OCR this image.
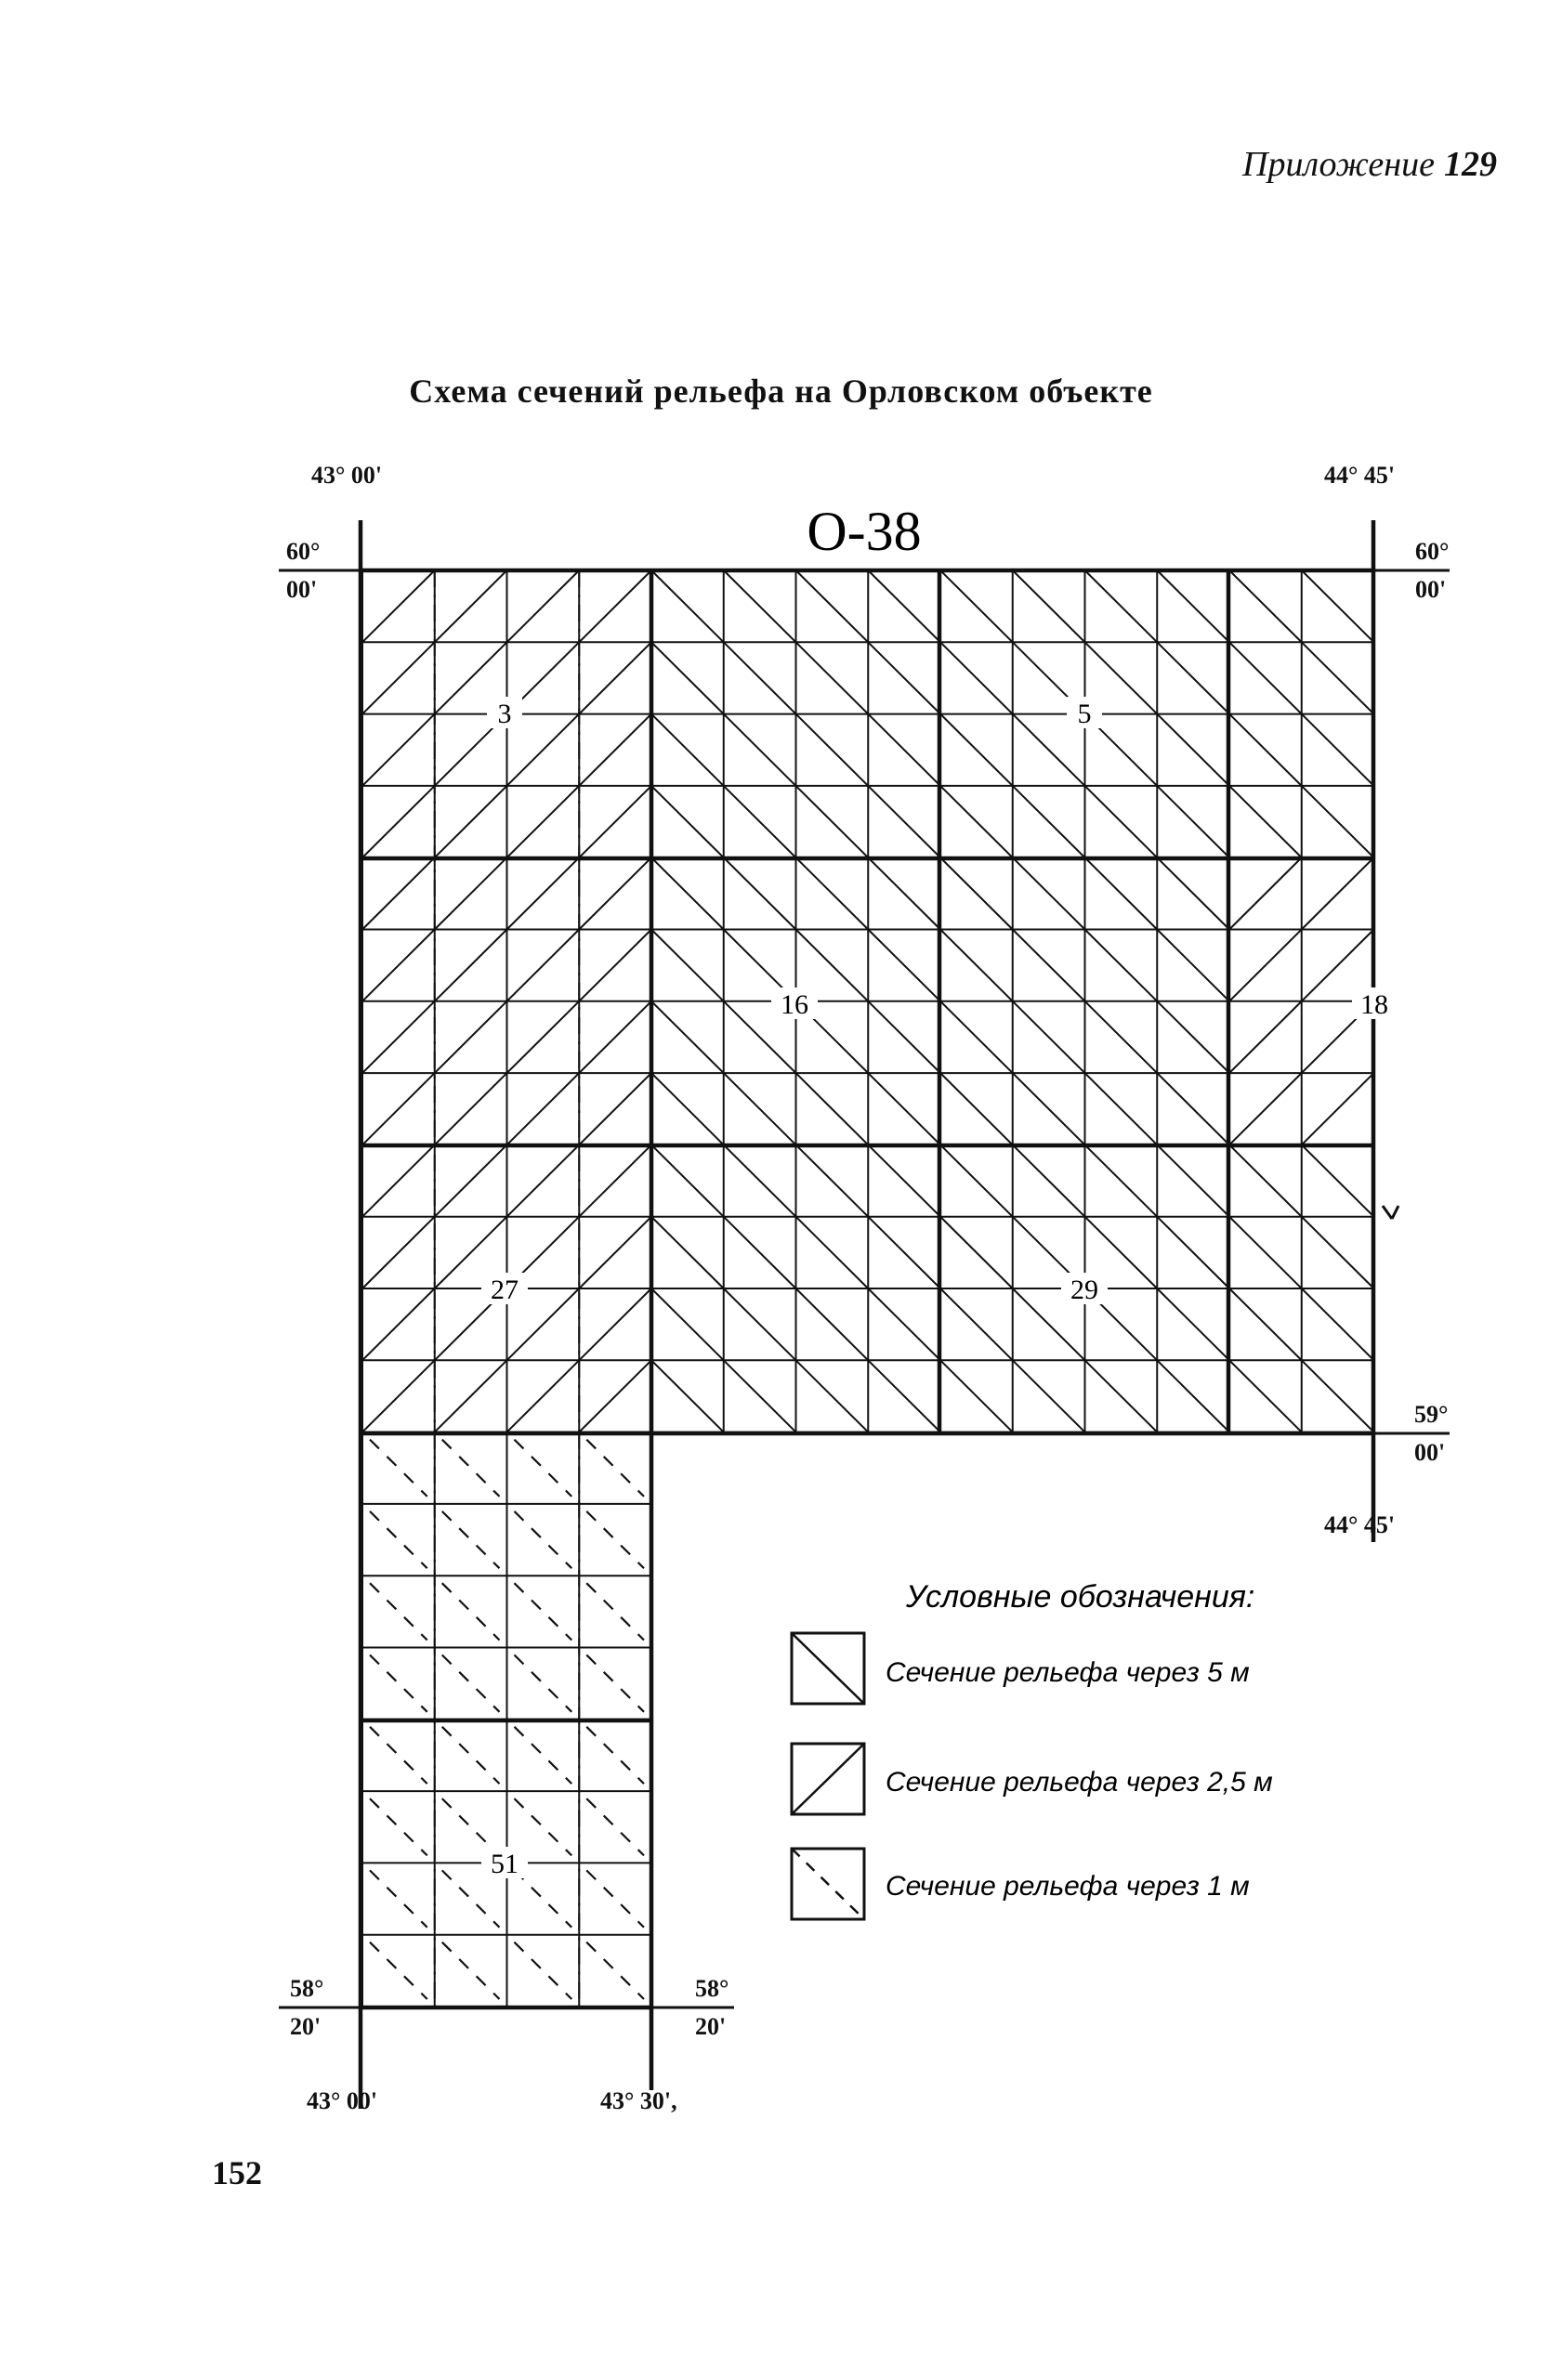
Приложение 129
Схема сечений рельефа на Орловском объекте
O-38
43° 00'	44° 45'
44° 45'
43° 00'	43° 30',
60°
00'
60°
00'
59°
00'
58°
20'
58°
20'
3	5
16	18
27	29
51
Условные обозначения:
Сечение рельефа через 5 м
Сечение рельефа через 2,5 м
Сечение рельефа через 1 м
152
